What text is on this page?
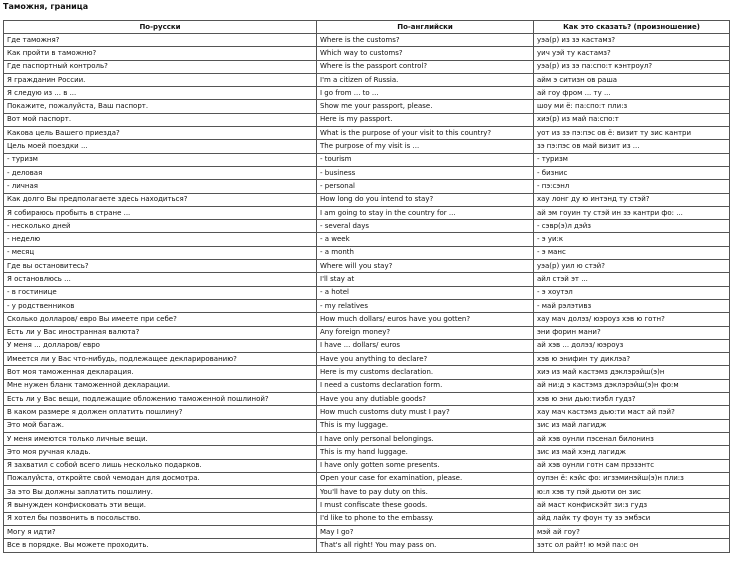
Таможня, граница
По-русски	По-английски	Как это сказать? (произношение)
Где таможня?	Where is the customs?	уэа(р) из зэ кастамз?
Как пройти в таможню?	Which way to customs?	уич уэй ту кастамз?
Где паспортный контроль?	Where is the passport control?	уэа(р) из зэ па:спо:т кэнтроул?
Я гражданин России.	I'm a citizen of Russia.	айм э ситизн ов раша
Я следую из ... в ...	I go from ... to ...	ай гоу фром ... ту ...
Покажите, пожалуйста, Ваш паспорт.	Show me your passport, please.	шоу ми ё: па:спо:т пли:з
Вот мой паспорт.	Here is my passport.	хиэ(р) из май па:спо:т
Какова цель Вашего приезда?	What is the purpose of your visit to this country?	уот из зэ пэ:пэс ов ё: визит ту зис кантри
Цель моей поездки ...	The purpose of my visit is ...	зэ пэ:пэс ов май визит из ...
- туризм	- tourism	- туризм
- деловая	- business	- бизнис
- личная	- personal	- пэ:сэнл
Как долго Вы предполагаете здесь находиться?	How long do you intend to stay?	хау лонг ду ю интэнд ту стэй?
Я собираюсь пробыть в стране ...	I am going to stay in the country for ...	ай эм гоуин ту стэй ин зэ кантри фо: ...
- несколько дней	- several days	- сэвр(э)л дэйз
- неделю	- a week	- э уи:к
- месяц	- a month	- э манс
Где вы остановитесь?	Where will you stay?	уэа(р) уил ю стэй?
Я остановлюсь ...	I'll stay at	айл стэй эт ...
- в гостинице	- a hotel	- э хоутэл
- у родственников	- my relatives	- май рэлэтивз
Сколько долларов/ евро Вы имеете при себе?	How much dollars/ euros have you gotten?	хау мач долэз/ юэроуз хэв ю готн?
Есть ли у Вас иностранная валюта?	Any foreign money?	эни форин мани?
У меня ... долларов/ евро	I have ... dollars/ euros	ай хэв ... долэз/ юэроуз
Имеется ли у Вас что-нибудь, подлежащее декларированию?	Have you anything to declare?	хэв ю энифин ту диклэа?
Вот моя таможенная декларация.	Here is my customs declaration.	хиэ из май кастэмз дэклэрэйш(э)н
Мне нужен бланк таможенной декларации.	I need a customs declaration form.	ай ни:д э кастэмз дэклэрэйш(э)н фо:м
Есть ли у Вас вещи, подлежащие обложению таможенной пошлиной?	Have you any dutiable goods?	хэв ю эни дью:тиэбл гудз?
В каком размере я должен оплатить пошлину?	How much customs duty must I pay?	хау мач кастэмз дью:ти маст ай пэй?
Это мой багаж.	This is my luggage.	зис из май лагидж
У меня имеются только личные вещи.	I have only personal belongings.	ай хэв оунли пэсенал билонинз
Это моя ручная кладь.	This is my hand luggage.	зис из май хэнд лагидж
Я захватил с собой всего лишь несколько подарков.	I have only gotten some presents.	ай хэв оунли готн сам прэзэнтс
Пожалуйста, откройте свой чемодан для досмотра.	Open your case for examination, please.	оупэн ё: кэйс фо: игзэминэйш(э)н пли:з
За это Вы должны заплатить пошлину.	You'll have to pay duty on this.	ю:л хэв ту пэй дьюти он зис
Я вынужден конфисковать эти вещи.	I must confiscate these goods.	ай маст конфискэйт зи:з гудз
Я хотел бы позвонить в посольство.	I'd like to phone to the embassy.	айд лайк ту фоун ту зэ эмбэси
Могу я идти?	May I go?	мэй ай гоу?
Все в порядке. Вы можете проходить.	That's all right! You may pass on.	зэтс ол райт! ю мэй па:с он
